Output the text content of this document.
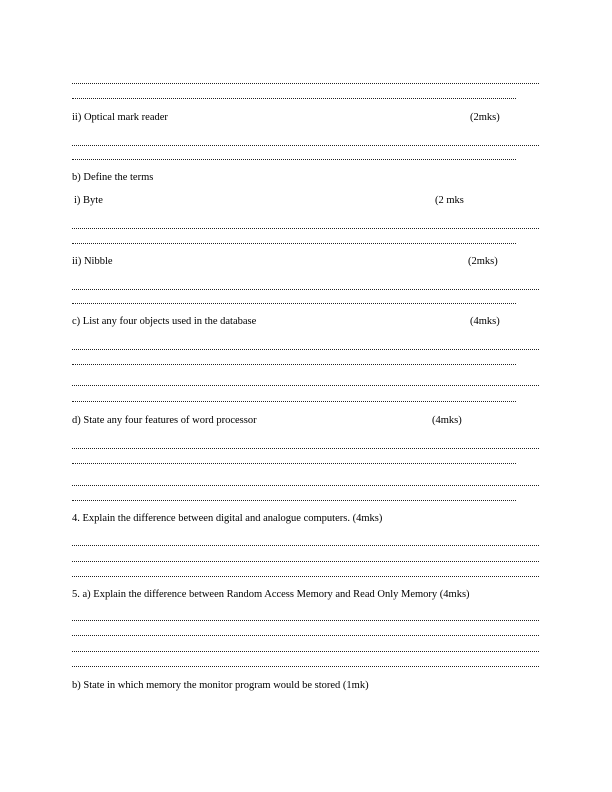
ii) Optical mark reader	(2mks)
b) Define the terms
i) Byte	(2 mks
ii) Nibble	(2mks)
c) List any four objects used in the database	(4mks)
d) State any four features of word processor	(4mks)
4. Explain the difference between digital and analogue computers. (4mks)
5. a) Explain the difference between Random Access Memory and Read Only Memory (4mks)
b) State in which memory the monitor program would be stored (1mk)
